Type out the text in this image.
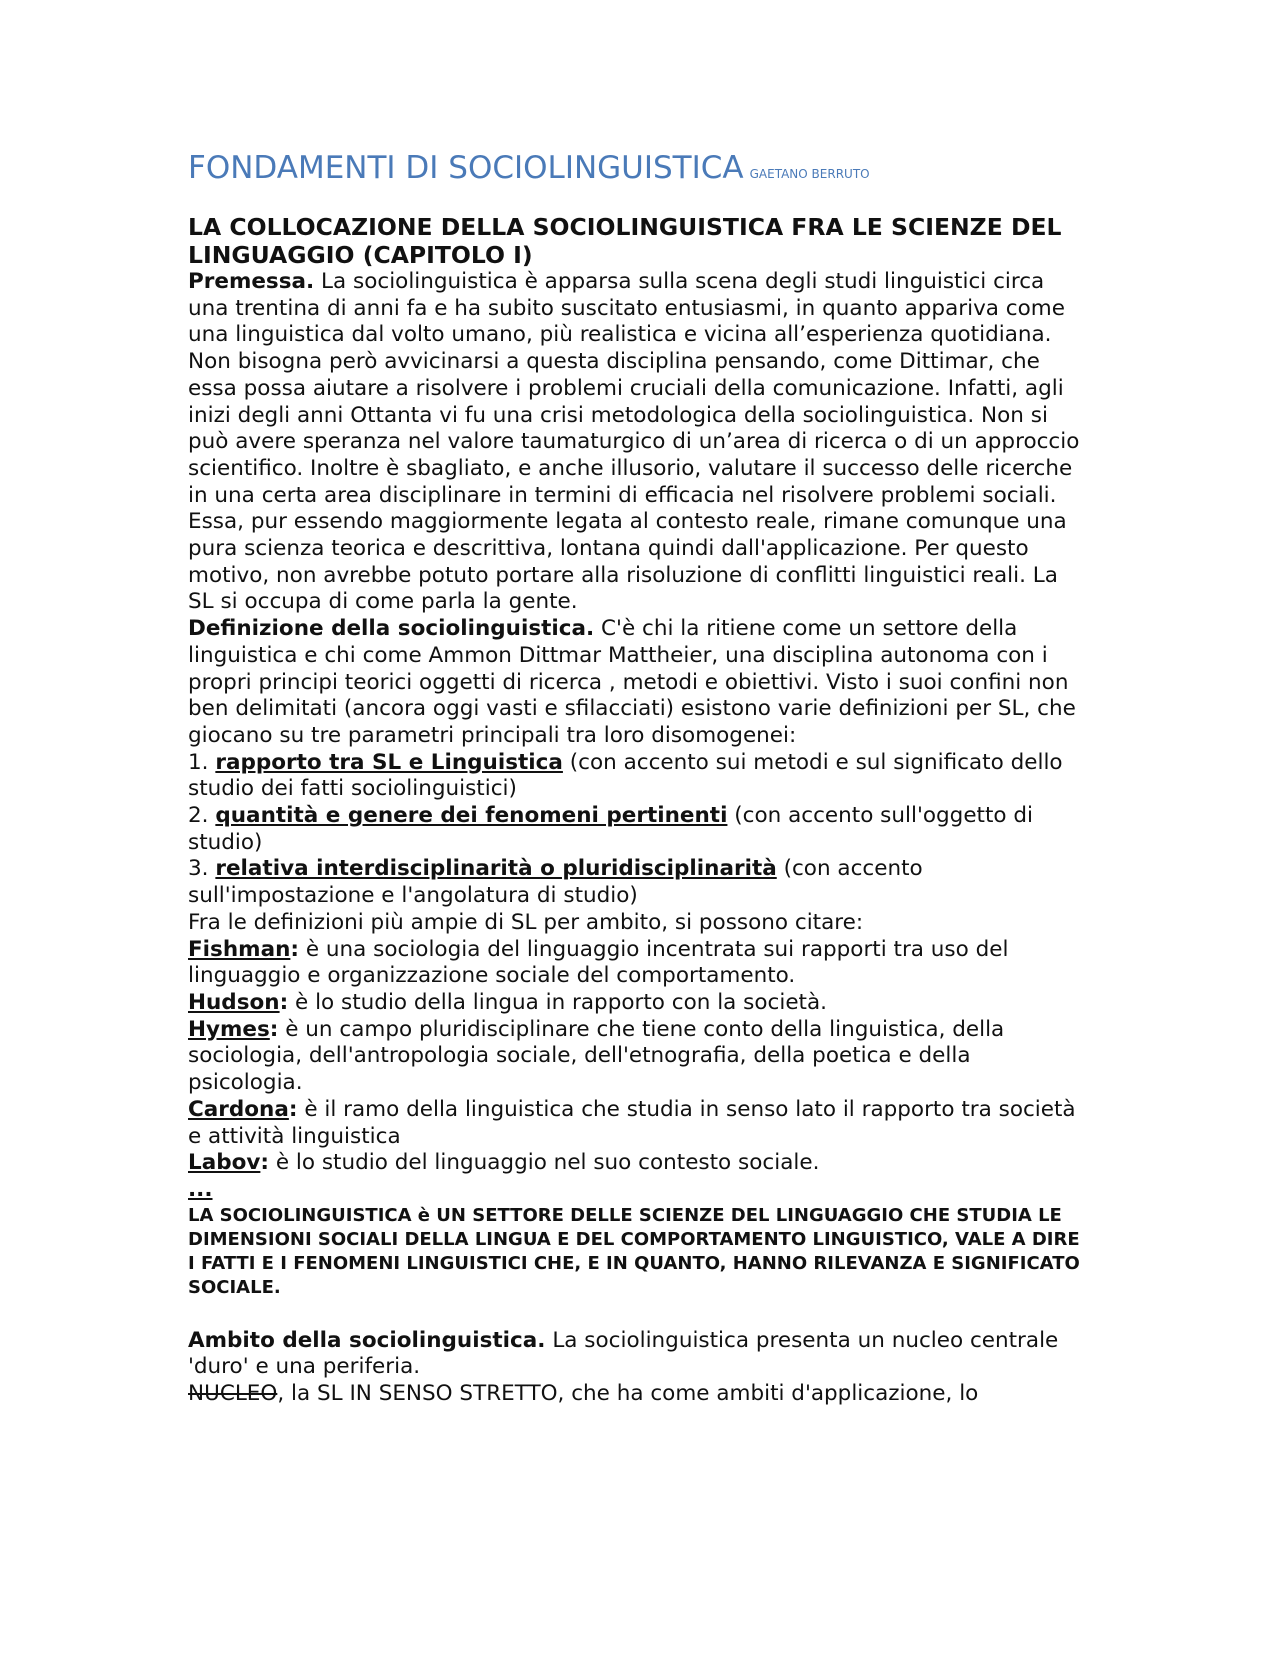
FONDAMENTI DI SOCIOLINGUISTICA GAETANO BERRUTO

LA COLLOCAZIONE DELLA SOCIOLINGUISTICA FRA LE SCIENZE DEL LINGUAGGIO (CAPITOLO I)

Premessa. La sociolinguistica è apparsa sulla scena degli studi linguistici circa una trentina di anni fa e ha subito suscitato entusiasmi, in quanto appariva come una linguistica dal volto umano, più realistica e vicina all’esperienza quotidiana.

Non bisogna però avvicinarsi a questa disciplina pensando, come Dittimar, che essa possa aiutare a risolvere i problemi cruciali della comunicazione. Infatti, agli inizi degli anni Ottanta vi fu una crisi metodologica della sociolinguistica. Non si può avere speranza nel valore taumaturgico di un’area di ricerca o di un approccio scientifico. Inoltre è sbagliato, e anche illusorio, valutare il successo delle ricerche in una certa area disciplinare in termini di efficacia nel risolvere problemi sociali. Essa, pur essendo maggiormente legata al contesto reale, rimane comunque una pura scienza teorica e descrittiva, lontana quindi dall'applicazione. Per questo motivo, non avrebbe potuto portare alla risoluzione di conflitti linguistici reali. La SL si occupa di come parla la gente.

Definizione della sociolinguistica. C'è chi la ritiene come un settore della linguistica e chi come Ammon Dittmar Mattheier, una disciplina autonoma con i propri principi teorici oggetti di ricerca , metodi e obiettivi. Visto i suoi confini non ben delimitati (ancora oggi vasti e sfilacciati) esistono varie definizioni per SL, che giocano su tre parametri principali tra loro disomogenei:

1. rapporto tra SL e Linguistica (con accento sui metodi e sul significato dello studio dei fatti sociolinguistici)

2. quantità e genere dei fenomeni pertinenti (con accento sull'oggetto di studio)

3. relativa interdisciplinarità o pluridisciplinarità (con accento sull'impostazione e l'angolatura di studio)

Fra le definizioni più ampie di SL per ambito, si possono citare:

Fishman: è una sociologia del linguaggio incentrata sui rapporti tra uso del linguaggio e organizzazione sociale del comportamento.

Hudson: è lo studio della lingua in rapporto con la società.

Hymes: è un campo pluridisciplinare che tiene conto della linguistica, della sociologia, dell'antropologia sociale, dell'etnografia, della poetica e della psicologia.

Cardona: è il ramo della linguistica che studia in senso lato il rapporto tra società e attività linguistica

Labov: è lo studio del linguaggio nel suo contesto sociale.

...

LA SOCIOLINGUISTICA è UN SETTORE DELLE SCIENZE DEL LINGUAGGIO CHE STUDIA LE DIMENSIONI SOCIALI DELLA LINGUA E DEL COMPORTAMENTO LINGUISTICO, VALE A DIRE I FATTI E I FENOMENI LINGUISTICI CHE, E IN QUANTO, HANNO RILEVANZA E SIGNIFICATO SOCIALE.

Ambito della sociolinguistica. La sociolinguistica presenta un nucleo centrale 'duro' e una periferia.

NUCLEO, la SL IN SENSO STRETTO, che ha come ambiti d'applicazione, lo
